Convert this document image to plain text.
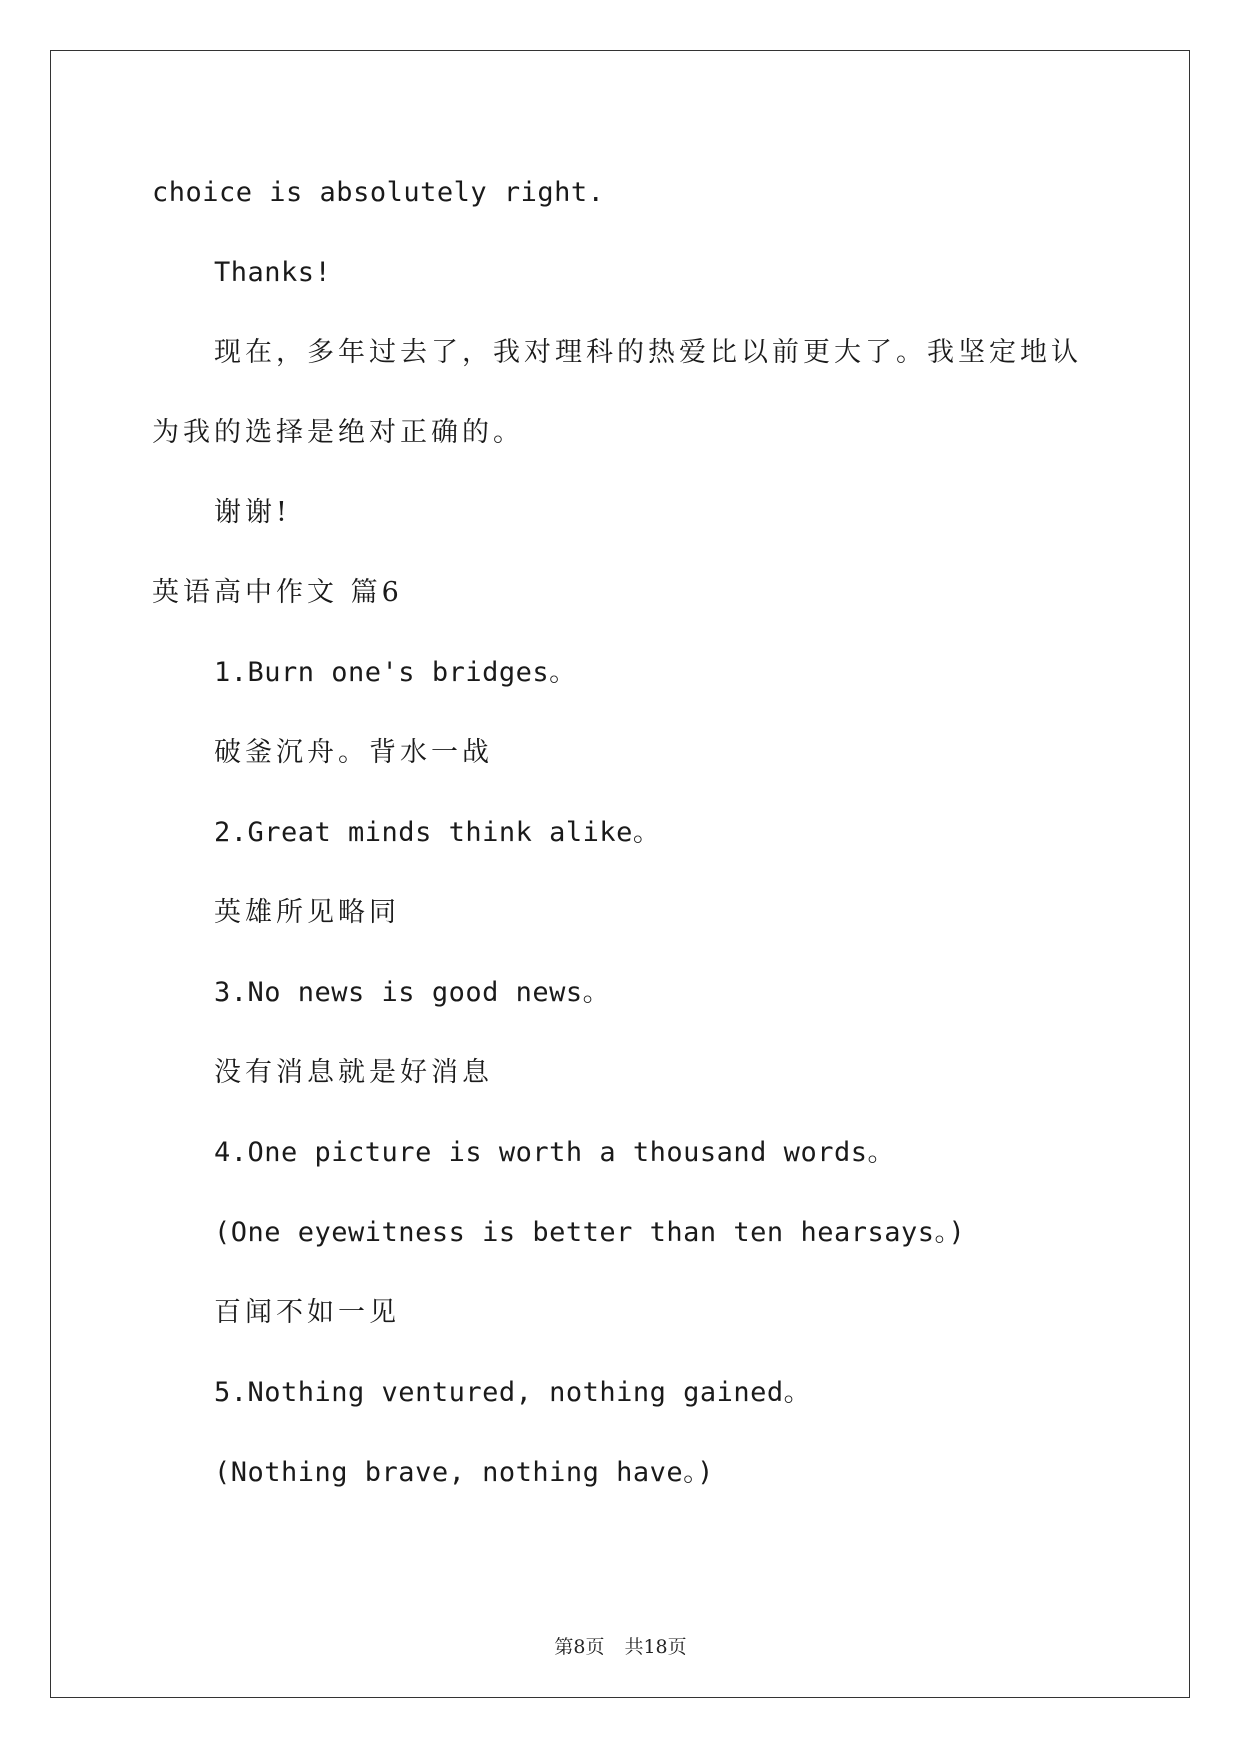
choice is absolutely right.
Thanks!
现在，多年过去了，我对理科的热爱比以前更大了。我坚定地认
为我的选择是绝对正确的。
谢谢!
英语高中作文 篇6
1.Burn one's bridges。
破釜沉舟。背水一战
2.Great minds think alike。
英雄所见略同
3.No news is good news。
没有消息就是好消息
4.One picture is worth a thousand words。
(One eyewitness is better than ten hearsays。)
百闻不如一见
5.Nothing ventured, nothing gained。
(Nothing brave, nothing have。)
第8页 共18页
